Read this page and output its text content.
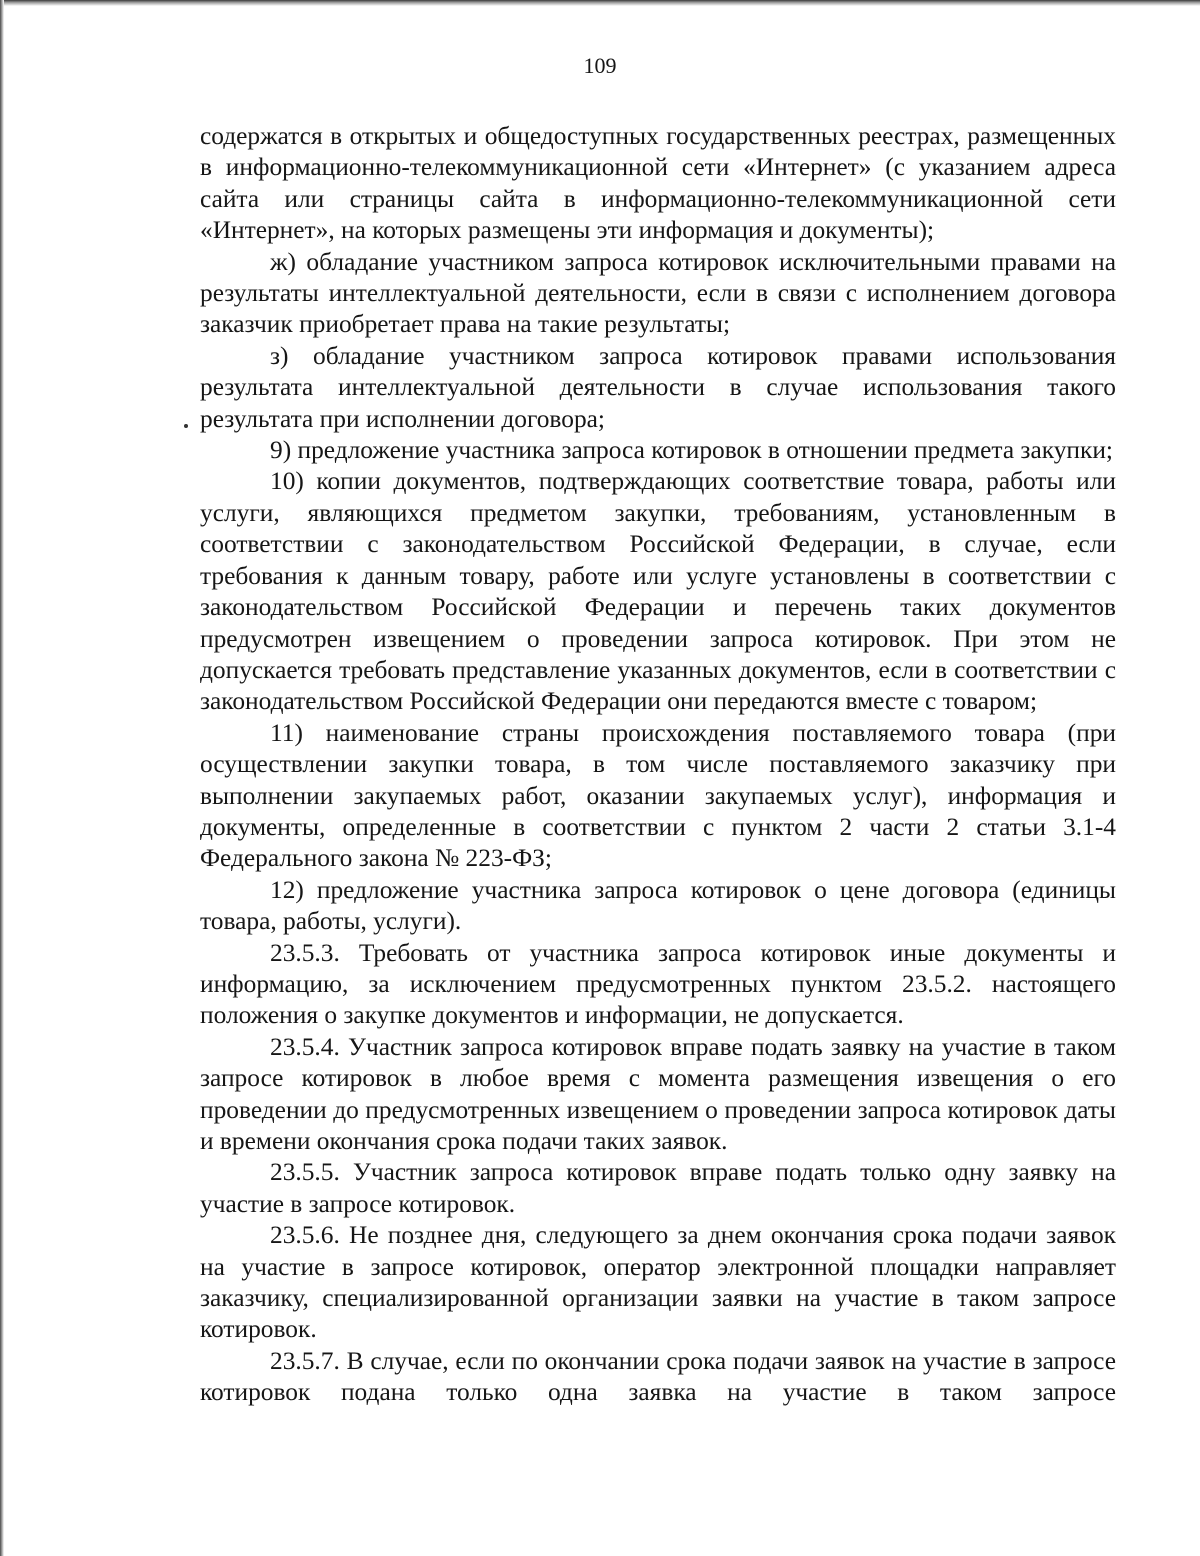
109

содержатся в открытых и общедоступных государственных реестрах, размещенных в информационно-телекоммуникационной сети «Интернет» (с указанием адреса сайта или страницы сайта в информационно-телекоммуникационной сети «Интернет», на которых размещены эти информация и документы);

ж) обладание участником запроса котировок исключительными правами на результаты интеллектуальной деятельности, если в связи с исполнением договора заказчик приобретает права на такие результаты;

з) обладание участником запроса котировок правами использования результата интеллектуальной деятельности в случае использования такого результата при исполнении договора;

9) предложение участника запроса котировок в отношении предмета закупки;

10) копии документов, подтверждающих соответствие товара, работы или услуги, являющихся предметом закупки, требованиям, установленным в соответствии с законодательством Российской Федерации, в случае, если требования к данным товару, работе или услуге установлены в соответствии с законодательством Российской Федерации и перечень таких документов предусмотрен извещением о проведении запроса котировок. При этом не допускается требовать представление указанных документов, если в соответствии с законодательством Российской Федерации они передаются вместе с товаром;

11) наименование страны происхождения поставляемого товара (при осуществлении закупки товара, в том числе поставляемого заказчику при выполнении закупаемых работ, оказании закупаемых услуг), информация и документы, определенные в соответствии с пунктом 2 части 2 статьи 3.1-4 Федерального закона № 223-ФЗ;

12) предложение участника запроса котировок о цене договора (единицы товара, работы, услуги).

23.5.3. Требовать от участника запроса котировок иные документы и информацию, за исключением предусмотренных пунктом 23.5.2. настоящего положения о закупке документов и информации, не допускается.

23.5.4. Участник запроса котировок вправе подать заявку на участие в таком запросе котировок в любое время с момента размещения извещения о его проведении до предусмотренных извещением о проведении запроса котировок даты и времени окончания срока подачи таких заявок.

23.5.5. Участник запроса котировок вправе подать только одну заявку на участие в запросе котировок.

23.5.6. Не позднее дня, следующего за днем окончания срока подачи заявок на участие в запросе котировок, оператор электронной площадки направляет заказчику, специализированной организации заявки на участие в таком запросе котировок.

23.5.7. В случае, если по окончании срока подачи заявок на участие в запросе котировок подана только одна заявка на участие в таком запросе
